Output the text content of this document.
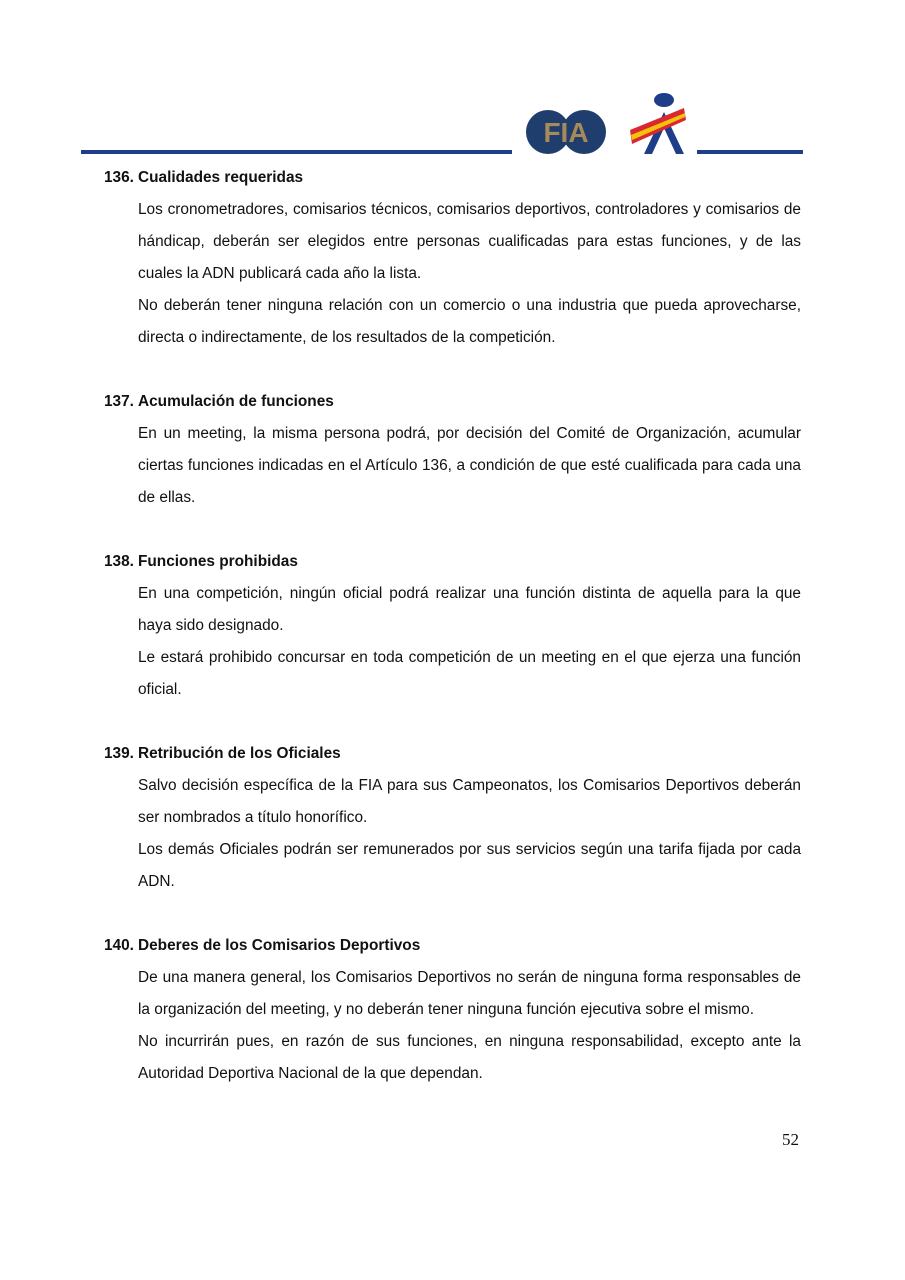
FIA
136. Cualidades requeridas
Los cronometradores, comisarios técnicos, comisarios deportivos, controladores y comisarios de hándicap, deberán ser elegidos entre personas cualificadas para estas funciones, y de las cuales la ADN publicará cada año la lista.
No deberán tener ninguna relación con un comercio o una industria que pueda aprovecharse, directa o indirectamente, de los resultados de la competición.
137. Acumulación de funciones
En un meeting, la misma persona podrá, por decisión del Comité de Organización, acumular ciertas funciones indicadas en el Artículo 136, a condición de que esté cualificada para cada una de ellas.
138. Funciones prohibidas
En una competición, ningún oficial podrá realizar una función distinta de aquella para la que haya sido designado.
Le estará prohibido concursar en toda competición de un meeting en el que ejerza una función oficial.
139. Retribución de los Oficiales
Salvo decisión específica de la FIA para sus Campeonatos, los Comisarios Deportivos deberán ser nombrados a título honorífico.
Los demás Oficiales podrán ser remunerados por sus servicios según una tarifa fijada por cada ADN.
140. Deberes de los Comisarios Deportivos
De una manera general, los Comisarios Deportivos no serán de ninguna forma responsables de la organización del meeting, y no deberán tener ninguna función ejecutiva sobre el mismo.
No incurrirán pues, en razón de sus funciones, en ninguna responsabilidad, excepto ante la Autoridad Deportiva Nacional de la que dependan.
52
